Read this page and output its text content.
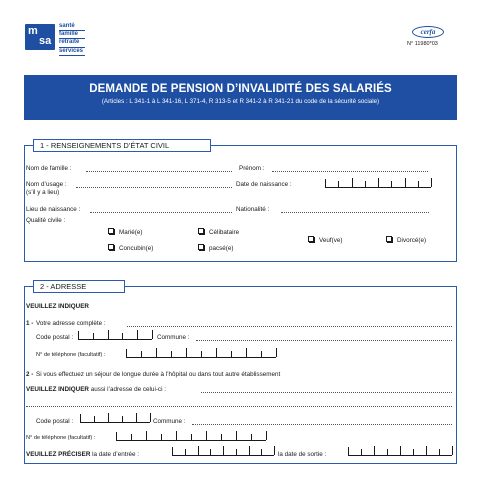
m
sa
santé
famille
retraite
services
cerfa
N° 11980*03
DEMANDE DE PENSION D’INVALIDITÉ DES SALARIÉS
(Articles : L 341-1 à L 341-16, L 371-4, R 313-5 et R 341-2 à R 341-21 du code de la sécurité sociale)
1 - RENSEIGNEMENTS D’ÉTAT CIVIL
Nom de famille :	Prénom :
Nom d’usage :
(s’il y a lieu)
Date de naissance :
Lieu de naissance :	Nationalité :
Qualité civile :
Marié(e)	Célibataire
Veuf(ve)	Divorcé(e)
Concubin(e)	pacsé(e)
2 - ADRESSE
VEUILLEZ INDIQUER
1 - Votre adresse complète :
Code postal :	Commune :
N° de téléphone (facultatif) :
2 - Si vous effectuez un séjour de longue durée à l’hôpital ou dans tout autre établissement
VEUILLEZ INDIQUER aussi l’adresse de celui-ci :
Code postal :	Commune :
N° de téléphone (facultatif) :
VEUILLEZ PRÉCISER la date d’entrée :	la date de sortie :
